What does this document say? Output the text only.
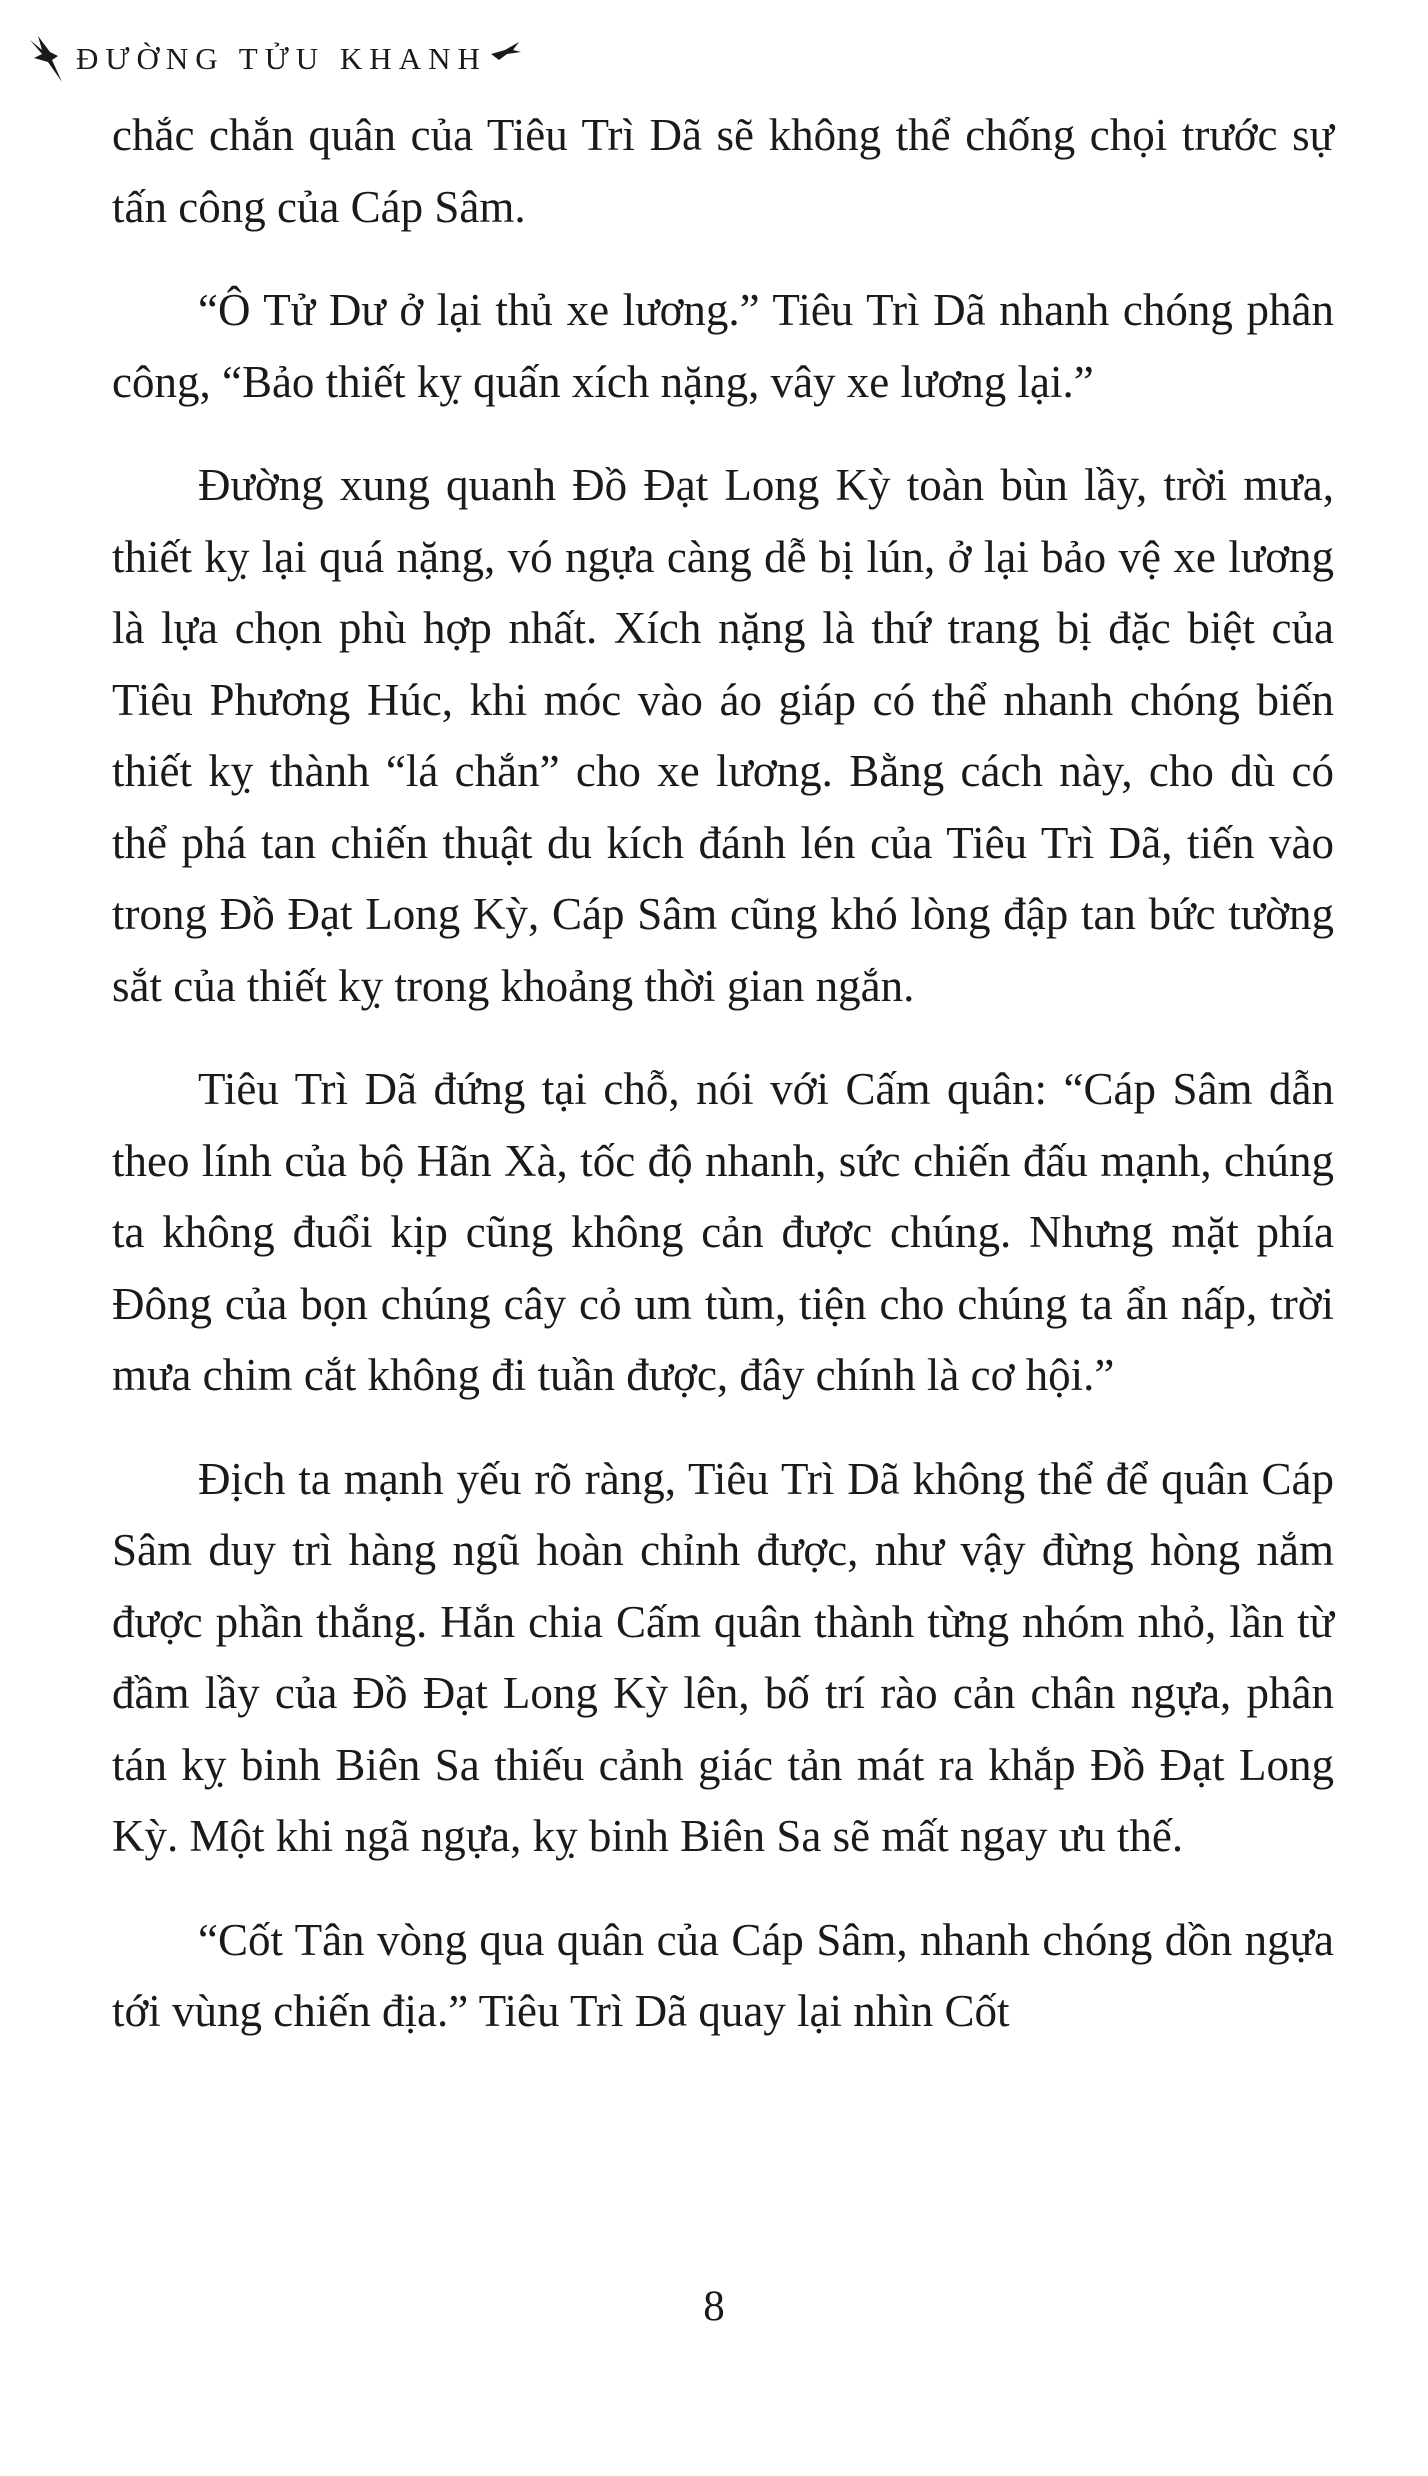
ĐƯỜNG TỬU KHANH

chắc chắn quân của Tiêu Trì Dã sẽ không thể chống chọi trước sự tấn công của Cáp Sâm.

“Ô Tử Dư ở lại thủ xe lương.” Tiêu Trì Dã nhanh chóng phân công, “Bảo thiết kỵ quấn xích nặng, vây xe lương lại.”

Đường xung quanh Đồ Đạt Long Kỳ toàn bùn lầy, trời mưa, thiết kỵ lại quá nặng, vó ngựa càng dễ bị lún, ở lại bảo vệ xe lương là lựa chọn phù hợp nhất. Xích nặng là thứ trang bị đặc biệt của Tiêu Phương Húc, khi móc vào áo giáp có thể nhanh chóng biến thiết kỵ thành “lá chắn” cho xe lương. Bằng cách này, cho dù có thể phá tan chiến thuật du kích đánh lén của Tiêu Trì Dã, tiến vào trong Đồ Đạt Long Kỳ, Cáp Sâm cũng khó lòng đập tan bức tường sắt của thiết kỵ trong khoảng thời gian ngắn.

Tiêu Trì Dã đứng tại chỗ, nói với Cấm quân: “Cáp Sâm dẫn theo lính của bộ Hãn Xà, tốc độ nhanh, sức chiến đấu mạnh, chúng ta không đuổi kịp cũng không cản được chúng. Nhưng mặt phía Đông của bọn chúng cây cỏ um tùm, tiện cho chúng ta ẩn nấp, trời mưa chim cắt không đi tuần được, đây chính là cơ hội.”

Địch ta mạnh yếu rõ ràng, Tiêu Trì Dã không thể để quân Cáp Sâm duy trì hàng ngũ hoàn chỉnh được, như vậy đừng hòng nắm được phần thắng. Hắn chia Cấm quân thành từng nhóm nhỏ, lần từ đầm lầy của Đồ Đạt Long Kỳ lên, bố trí rào cản chân ngựa, phân tán kỵ binh Biên Sa thiếu cảnh giác tản mát ra khắp Đồ Đạt Long Kỳ. Một khi ngã ngựa, kỵ binh Biên Sa sẽ mất ngay ưu thế.

“Cốt Tân vòng qua quân của Cáp Sâm, nhanh chóng dồn ngựa tới vùng chiến địa.” Tiêu Trì Dã quay lại nhìn Cốt

8
